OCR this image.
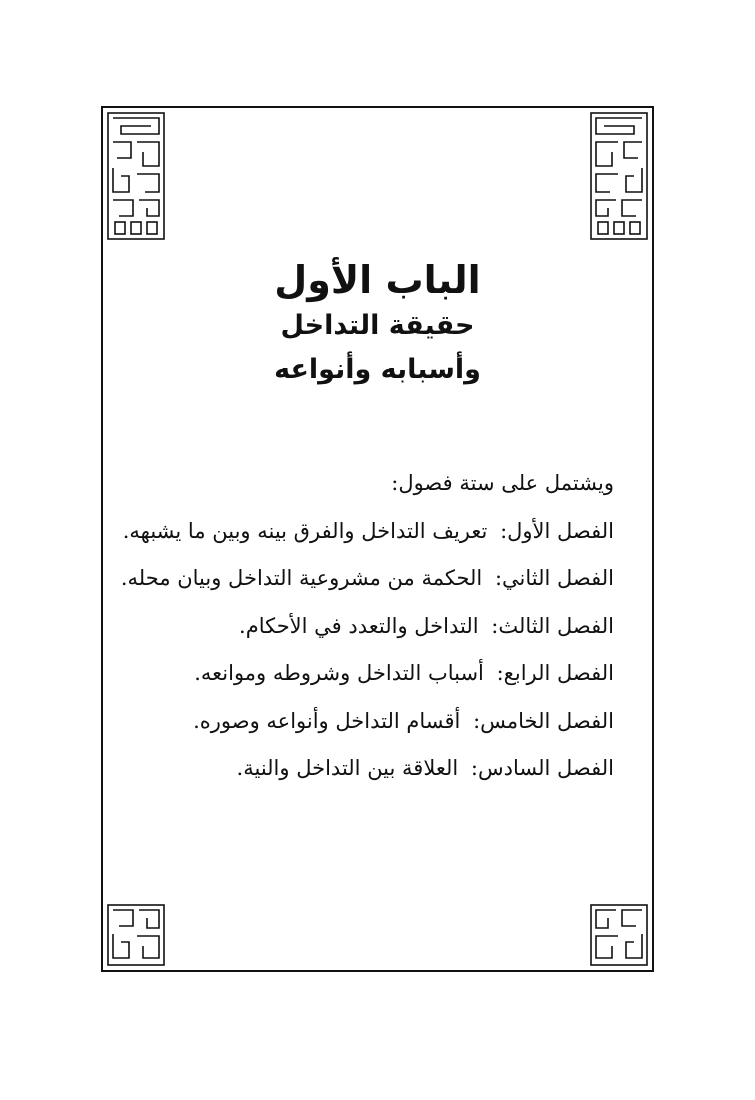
الباب الأول

حقيقة التداخل

وأسبابه وأنواعه

ويشتمل على ستة فصول:

الفصل الأول: تعريف التداخل والفرق بينه وبين ما يشبهه.

الفصل الثاني: الحكمة من مشروعية التداخل وبيان محله.

الفصل الثالث: التداخل والتعدد في الأحكام.

الفصل الرابع: أسباب التداخل وشروطه وموانعه.

الفصل الخامس: أقسام التداخل وأنواعه وصوره.

الفصل السادس: العلاقة بين التداخل والنية.
